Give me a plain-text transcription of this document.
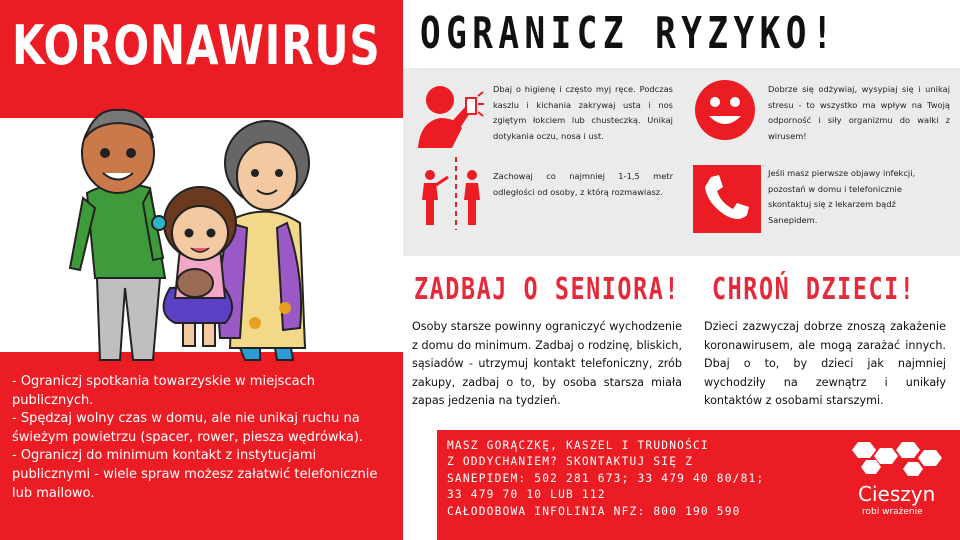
KORONAWIRUS

- Ograniczj spotkania towarzyskie w miejscach publicznych.

- Spędzaj wolny czas w domu, ale nie unikaj ruchu na świeżym powietrzu (spacer, rower, piesza wędrówka).

- Ograniczj do minimum kontakt z instytucjami publicznymi - wiele spraw możesz załatwić telefonicznie lub mailowo.

OGRANICZ RYZYKO!
Dbaj o higienę i często myj ręce. Podczas kaszlu i kichania zakrywaj usta i nos zgiętym łokciem lub chusteczką. Unikaj dotykania oczu, nosa i ust.
Zachowaj co najmniej 1-1,5 metr odległości od osoby, z którą rozmawiasz.
Dobrze się odżywiaj, wysypiaj się i unikaj stresu - to wszystko ma wpływ na Twoją odporność i siły organizmu do walki z wirusem!
Jeśli masz pierwsze objawy infekcji, pozostań w domu i telefonicznie skontaktuj się z lekarzem bądź Sanepidem.
ZADBAJ O SENIORA! CHROŃ DZIECI!
Osoby starsze powinny ograniczyć wychodzenie z domu do minimum. Zadbaj o rodzinę, bliskich, sąsiadów - utrzymuj kontakt telefoniczny, zrób zakupy, zadbaj o to, by osoba starsza miała zapas jedzenia na tydzień.
Dzieci zazwyczaj dobrze znoszą zakażenie koronawirusem, ale mogą zarażać innych. Dbaj o to, by dzieci jak najmniej wychodziły na zewnątrz i unikały kontaktów z osobami starszymi.
MASZ GORĄCZKĘ, KASZEL I TRUDNOŚCI
Z ODDYCHANIEM? SKONTAKTUJ SIĘ Z
SANEPIDEM: 502 281 673; 33 479 40 80/81;
33 479 70 10 LUB 112
CAŁODOBOWA INFOLINIA NFZ: 800 190 590
Cieszyn
robi wrażenie
